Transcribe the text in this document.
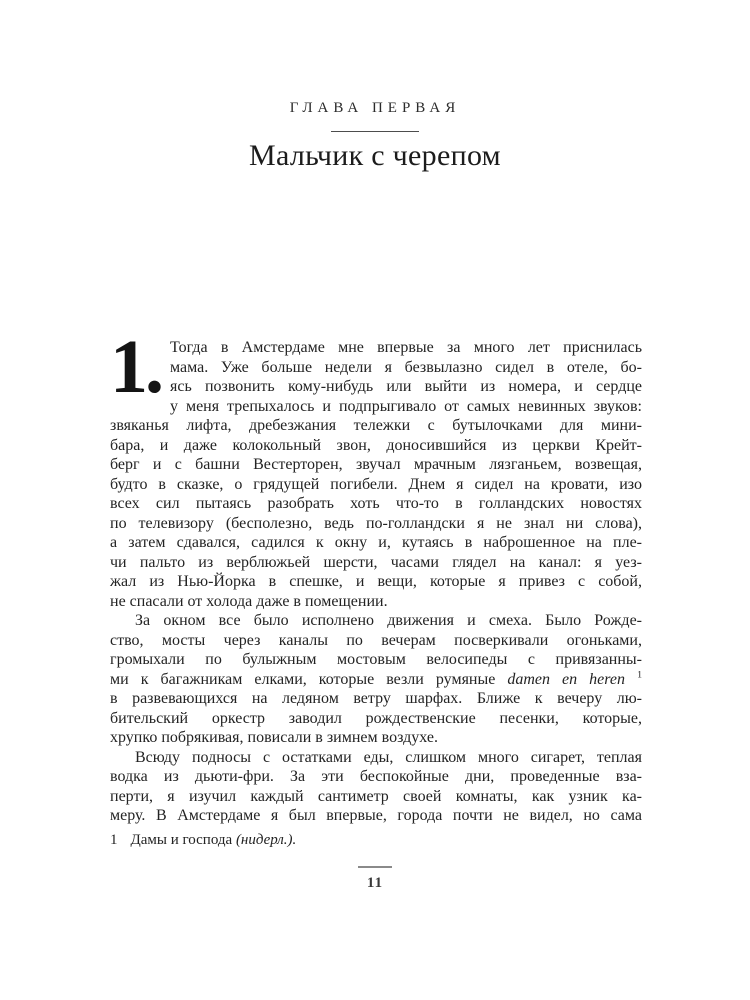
ГЛАВА ПЕРВАЯ
Мальчик с черепом
1. Тогда в Амстердаме мне впервые за много лет приснилась
мама. Уже больше недели я безвылазно сидел в отеле, бо-
ясь позвонить кому-нибудь или выйти из номера, и сердце
у меня трепыхалось и подпрыгивало от самых невинных звуков:
звяканья лифта, дребезжания тележки с бутылочками для мини-
бара, и даже колокольный звон, доносившийся из церкви Крейт-
берг и с башни Вестерторен, звучал мрачным лязганьем, возвещая,
будто в сказке, о грядущей погибели. Днем я сидел на кровати, изо
всех сил пытаясь разобрать хоть что-то в голландских новостях
по телевизору (бесполезно, ведь по-голландски я не знал ни слова),
а затем сдавался, садился к окну и, кутаясь в наброшенное на пле-
чи пальто из верблюжьей шерсти, часами глядел на канал: я уез-
жал из Нью-Йорка в спешке, и вещи, которые я привез с собой,
не спасали от холода даже в помещении.
За окном все было исполнено движения и смеха. Было Рожде-
ство, мосты через каналы по вечерам посверкивали огоньками,
громыхали по булыжным мостовым велосипеды с привязанны-
ми к багажникам елками, которые везли румяные damen en heren $^1$
в развевающихся на ледяном ветру шарфах. Ближе к вечеру лю-
бительский оркестр заводил рождественские песенки, которые,
хрупко побрякивая, повисали в зимнем воздухе.
Всюду подносы с остатками еды, слишком много сигарет, теплая
водка из дьюти-фри. За эти беспокойные дни, проведенные вза-
перти, я изучил каждый сантиметр своей комнаты, как узник ка-
меру. В Амстердаме я был впервые, города почти не видел, но сама
1 Дамы и господа (нидерл.).
11
